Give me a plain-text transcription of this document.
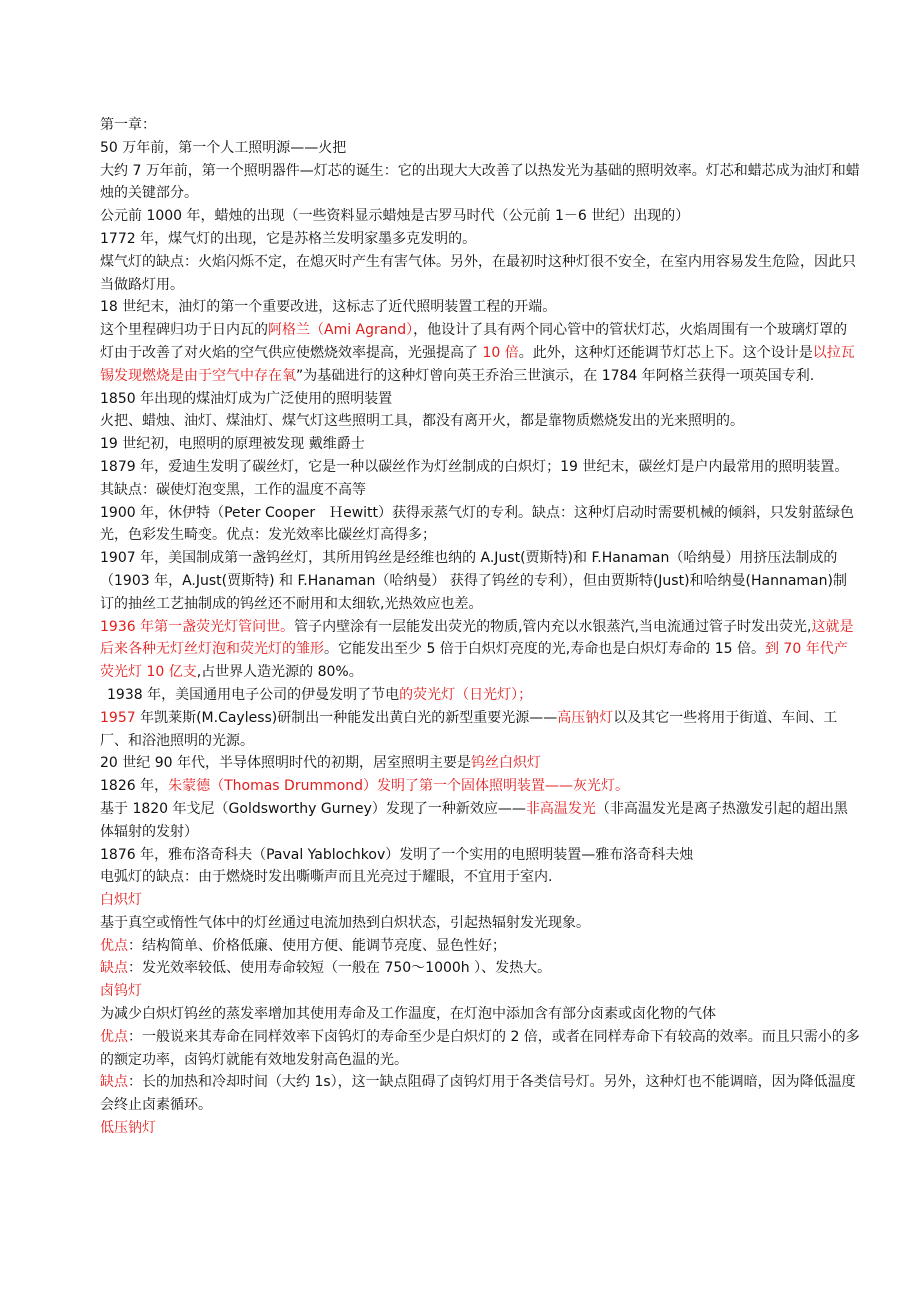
第一章：

50 万年前，第一个人工照明源——火把

大约 7 万年前，第一个照明器件—灯芯的诞生：它的出现大大改善了以热发光为基础的照明效率。灯芯和蜡芯成为油灯和蜡烛的关键部分。

公元前 1000 年，蜡烛的出现（一些资料显示蜡烛是古罗马时代（公元前 1－6 世纪）出现的）

1772 年，煤气灯的出现，它是苏格兰发明家墨多克发明的。

煤气灯的缺点：火焰闪烁不定，在熄灭时产生有害气体。另外，在最初时这种灯很不安全，在室内用容易发生危险，因此只当做路灯用。

18 世纪末，油灯的第一个重要改进，这标志了近代照明装置工程的开端。

这个里程碑归功于日内瓦的阿格兰（Ami Agrand），他设计了具有两个同心管中的管状灯芯，火焰周围有一个玻璃灯罩的灯由于改善了对火焰的空气供应使燃烧效率提高，光强提高了 10 倍。此外，这种灯还能调节灯芯上下。这个设计是以拉瓦锡发现燃烧是由于空气中存在氧”为基础进行的这种灯曾向英王乔治三世演示，在 1784 年阿格兰获得一项英国专利.

1850 年出现的煤油灯成为广泛使用的照明装置

火把、蜡烛、油灯、煤油灯、煤气灯这些照明工具，都没有离开火，都是靠物质燃烧发出的光来照明的。

19 世纪初，电照明的原理被发现 戴维爵士

1879 年，爱迪生发明了碳丝灯，它是一种以碳丝作为灯丝制成的白炽灯；19 世纪末，碳丝灯是户内最常用的照明装置。其缺点：碳使灯泡变黑，工作的温度不高等

1900 年，休伊特（Peter Cooper　Ｈewitt）获得汞蒸气灯的专利。缺点：这种灯启动时需要机械的倾斜，只发射蓝绿色光，色彩发生畸变。优点：发光效率比碳丝灯高得多；

1907 年，美国制成第一盏钨丝灯，其所用钨丝是经维也纳的 A.Just(贾斯特)和 F.Hanaman（哈纳曼）用挤压法制成的（1903 年，A.Just(贾斯特) 和 F.Hanaman（哈纳曼） 获得了钨丝的专利），但由贾斯特(Just)和哈纳曼(Hannaman)制订的抽丝工艺抽制成的钨丝还不耐用和太细软,光热效应也差。

1936 年第一盏荧光灯管问世。管子内壁涂有一层能发出荧光的物质,管内充以水银蒸汽,当电流通过管子时发出荧光,这就是后来各种无灯丝灯泡和荧光灯的雏形。它能发出至少 5 倍于白炽灯亮度的光,寿命也是白炽灯寿命的 15 倍。到 70 年代产荧光灯 10 亿支,占世界人造光源的 80%。

1938 年，美国通用电子公司的伊曼发明了节电的荧光灯（日光灯）；

1957 年凯莱斯(M.Cayless)研制出一种能发出黄白光的新型重要光源——高压钠灯以及其它一些将用于街道、车间、工厂、和浴池照明的光源。

20 世纪 90 年代，半导体照明时代的初期，居室照明主要是钨丝白炽灯

1826 年，朱蒙德（Thomas Drummond）发明了第一个固体照明装置——灰光灯。

基于 1820 年戈尼（Goldsworthy Gurney）发现了一种新效应——非高温发光（非高温发光是离子热激发引起的超出黑体辐射的发射）

1876 年，雅布洛奇科夫（Paval Yablochkov）发明了一个实用的电照明装置—雅布洛奇科夫烛

电弧灯的缺点：由于燃烧时发出嘶嘶声而且光亮过于耀眼，不宜用于室内.

白炽灯

基于真空或惰性气体中的灯丝通过电流加热到白炽状态，引起热辐射发光现象。

优点：结构简单、价格低廉、使用方便、能调节亮度、显色性好；

缺点：发光效率较低、使用寿命较短（一般在 750～1000h ）、发热大。

卤钨灯

为减少白炽灯钨丝的蒸发率增加其使用寿命及工作温度，在灯泡中添加含有部分卤素或卤化物的气体

优点：一般说来其寿命在同样效率下卤钨灯的寿命至少是白炽灯的 2 倍，或者在同样寿命下有较高的效率。而且只需小的多的额定功率，卤钨灯就能有效地发射高色温的光。

缺点：长的加热和冷却时间（大约 1s），这一缺点阻碍了卤钨灯用于各类信号灯。另外，这种灯也不能调暗，因为降低温度会终止卤素循环。

低压钠灯
